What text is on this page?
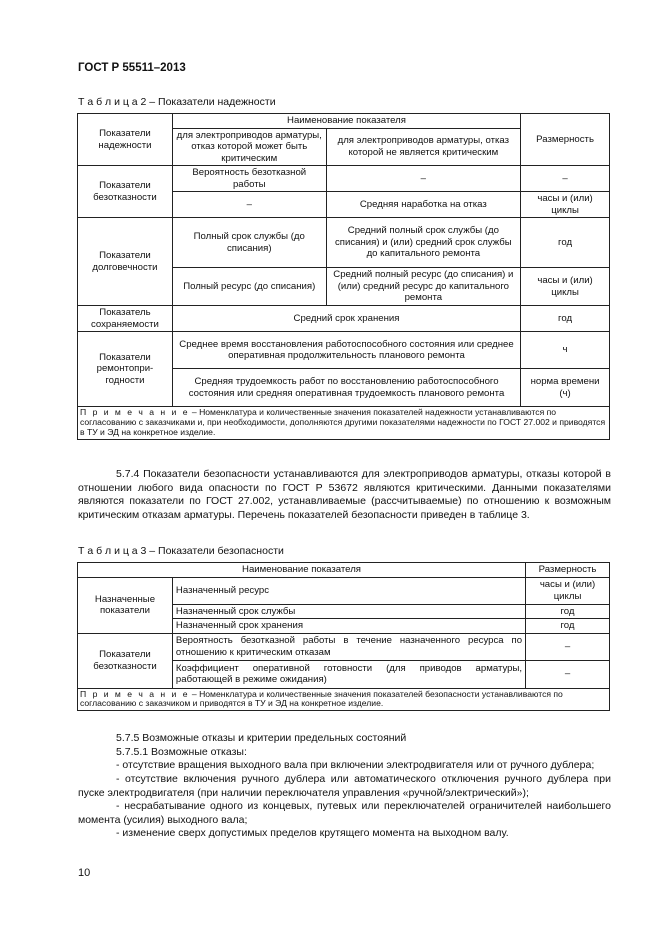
ГОСТ Р 55511–2013
Т а б л и ц а 2 – Показатели надежности
Показатели надежности	Наименование показателя		Размерность
	для электроприводов арматуры, отказ которой может быть критическим	для электроприводов арматуры, отказ которой не является критическим	
Показатели безотказности	Вероятность безотказной работы	–	–
	–	Средняя наработка на отказ	часы и (или) циклы
Показатели долговечности	Полный срок службы (до списания)	Средний полный срок службы (до списания) и (или) средний срок службы до капитального ремонта	год
	Полный ресурс (до списания)	Средний полный ресурс (до списания) и (или) средний ресурс до капитального ремонта	часы и (или) циклы
Показатель сохраняемости	Средний срок хранения		год
Показатели ремонтопри-годности	Среднее время восстановления работоспособного состояния или среднее оперативная продолжительность планового ремонта		ч
	Средняя трудоемкость работ по восстановлению работоспособного состояния или средняя оперативная трудоемкость планового ремонта		норма времени (ч)
П р и м е ч а н и е – Номенклатура и количественные значения показателей надежности устанавливаются по согласованию с заказчиками и, при необходимости, дополняются другими показателями надежности по ГОСТ 27.002 и приводятся в ТУ и ЭД на конкретное изделие.			

5.7.4 Показатели безопасности устанавливаются для электроприводов арматуры, отказы которой в отношении любого вида опасности по ГОСТ Р 53672 являются критическими. Данными показателями являются показатели по ГОСТ 27.002, устанавливаемые (рассчитываемые) по отношению к возможным критическим отказам арматуры. Перечень показателей безопасности приведен в таблице 3.

Т а б л и ц а 3 – Показатели безопасности
Наименование показателя		Размерность
Назначенные показатели	Назначенный ресурс	часы и (или) циклы
	Назначенный срок службы	год
	Назначенный срок хранения	год
Показатели безотказности	Вероятность безотказной работы в течение назначенного ресурса по отношению к критическим отказам	–
	Коэффициент оперативной готовности (для приводов арматуры, работающей в режиме ожидания)	–
П р и м е ч а н и е – Номенклатура и количественные значения показателей безопасности устанавливаются по согласованию с заказчиком и приводятся в ТУ и ЭД на конкретное изделие.		

5.7.5 Возможные отказы и критерии предельных состояний

5.7.5.1 Возможные отказы:

- отсутствие вращения выходного вала при включении электродвигателя или от ручного дублера;

- отсутствие включения ручного дублера или автоматического отключения ручного дублера при пуске электродвигателя (при наличии переключателя управления «ручной/электрический»);

- несрабатывание одного из концевых, путевых или переключателей ограничителей наибольшего момента (усилия) выходного вала;

- изменение сверх допустимых пределов крутящего момента на выходном валу.

10
